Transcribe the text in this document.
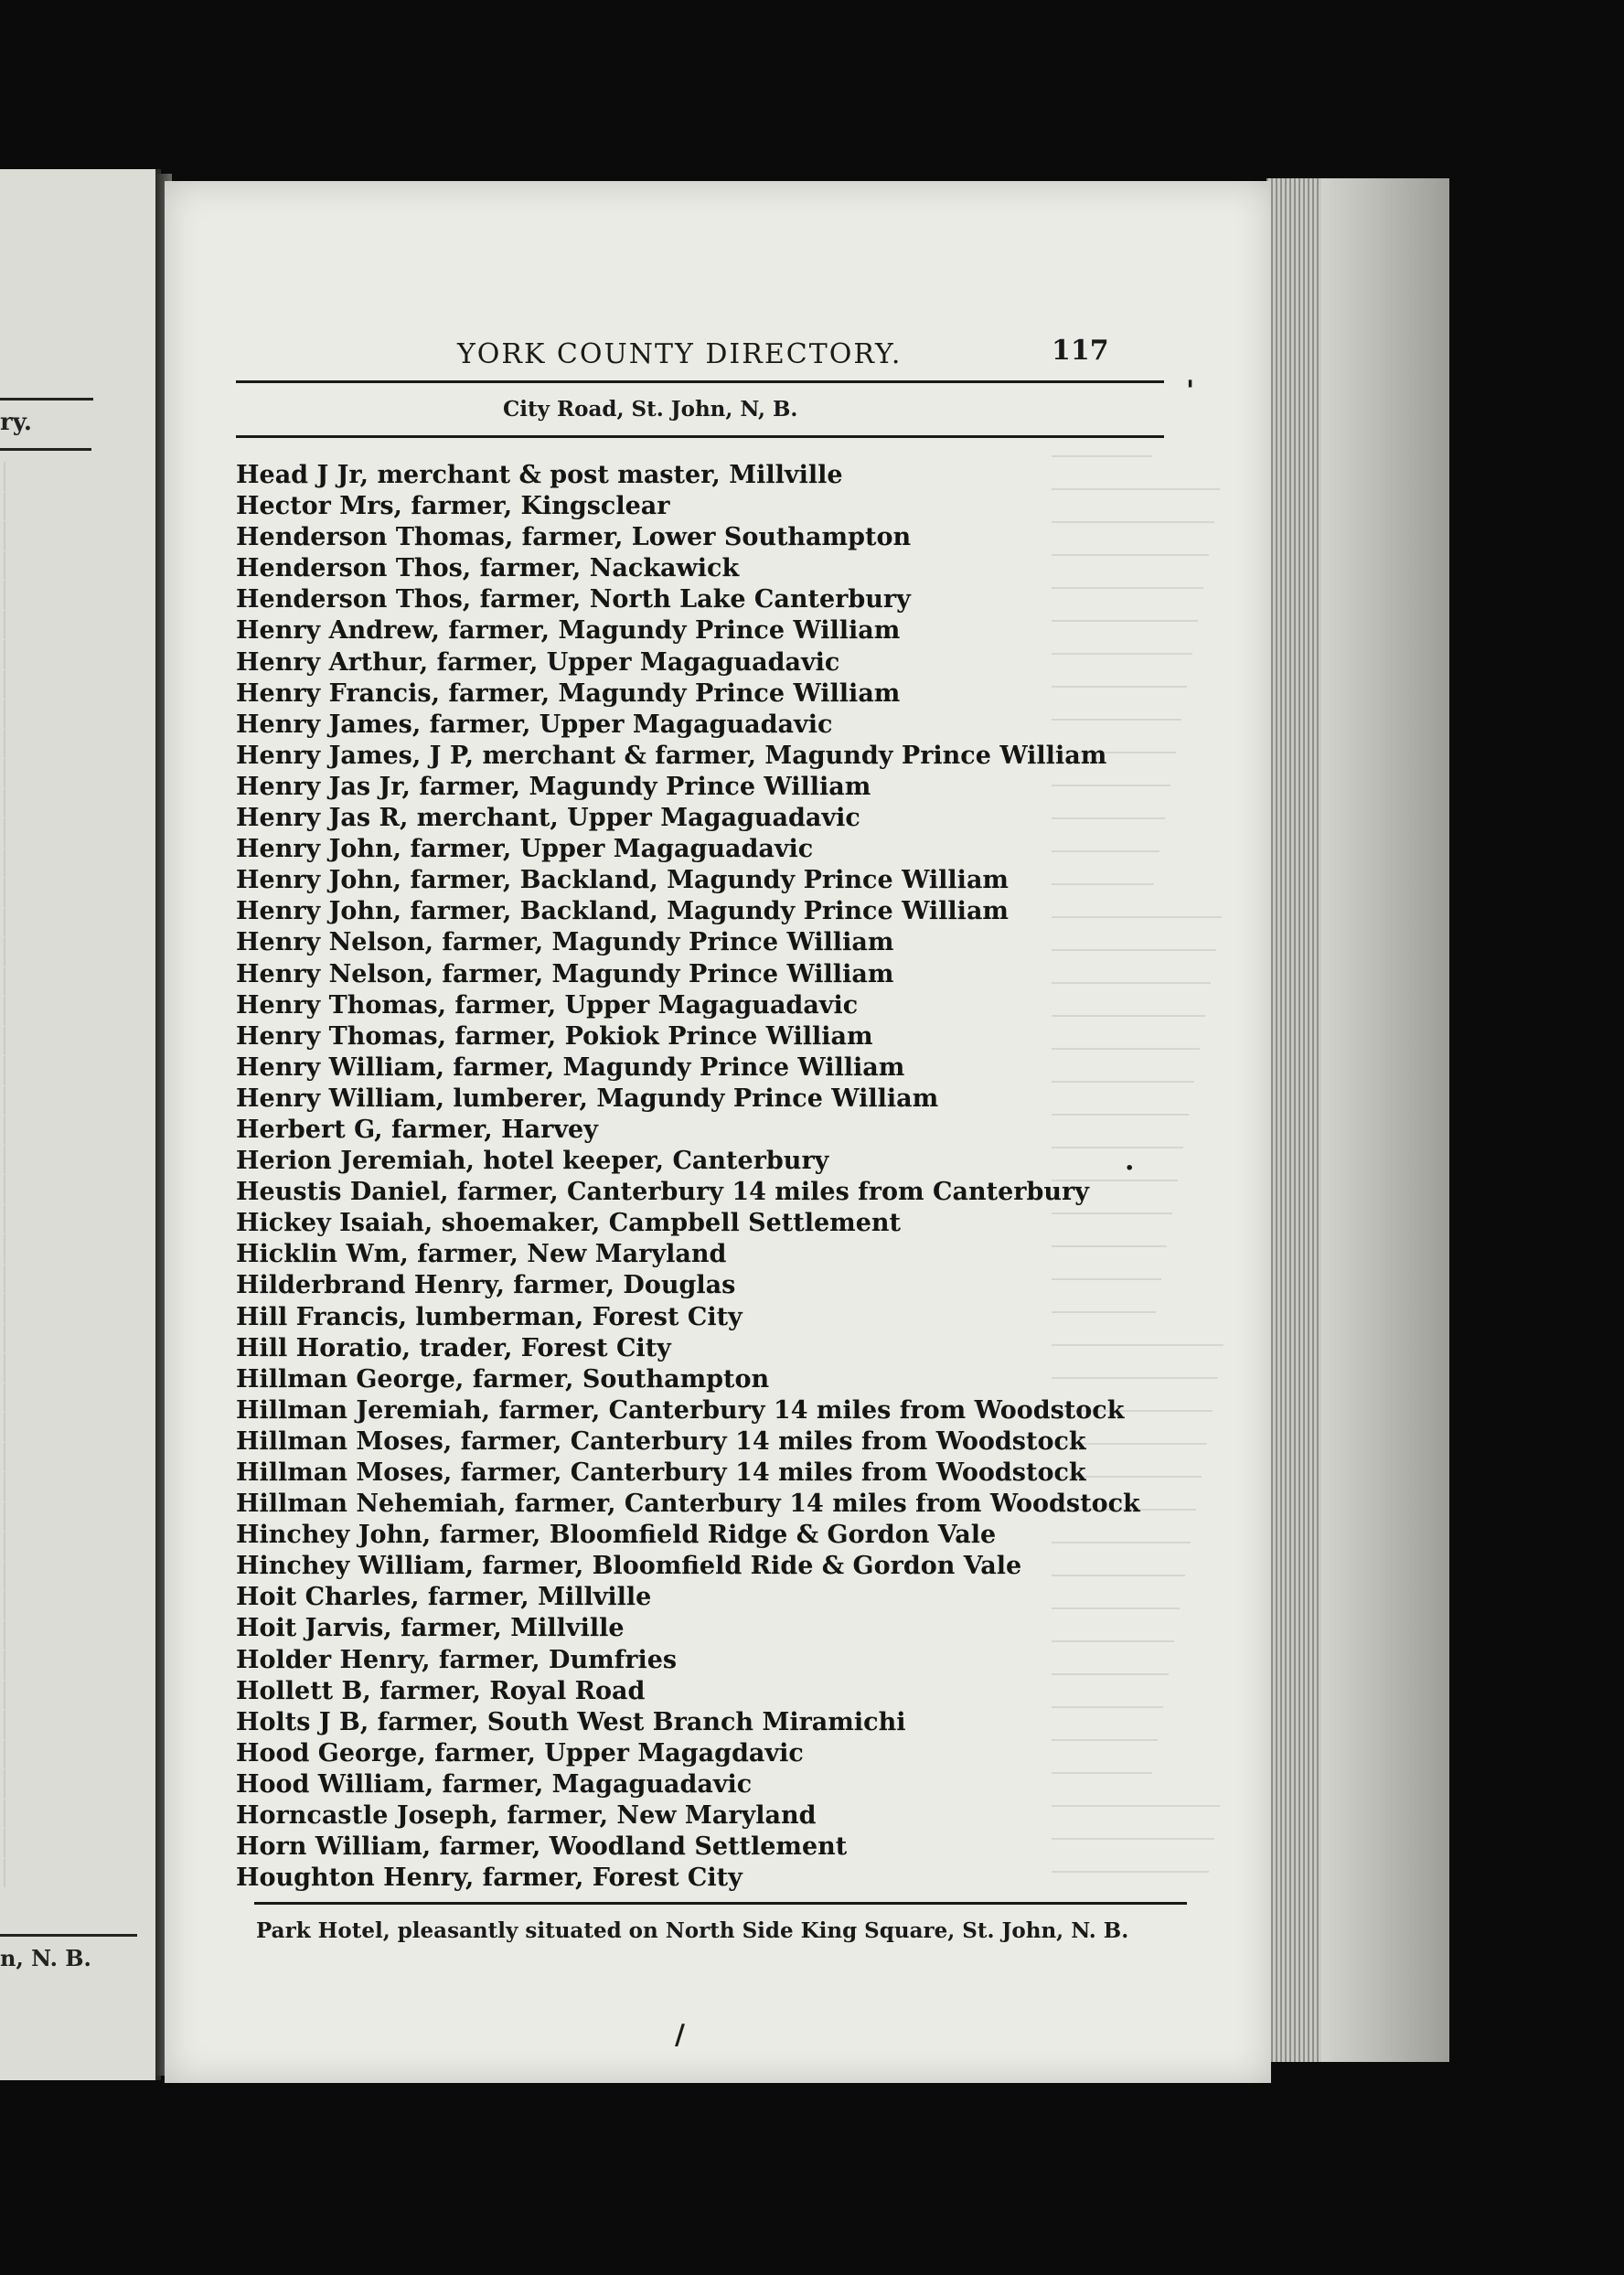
ry.
n, N. B.
YORK COUNTY DIRECTORY.	117
City Road, St. John, N, B.
Head J Jr, merchant & post master, Millville
Hector Mrs, farmer, Kingsclear
Henderson Thomas, farmer, Lower Southampton
Henderson Thos, farmer, Nackawick
Henderson Thos, farmer, North Lake Canterbury
Henry Andrew, farmer, Magundy Prince William
Henry Arthur, farmer, Upper Magaguadavic
Henry Francis, farmer, Magundy Prince William
Henry James, farmer, Upper Magaguadavic
Henry James, J P, merchant & farmer, Magundy Prince William
Henry Jas Jr, farmer, Magundy Prince William
Henry Jas R, merchant, Upper Magaguadavic
Henry John, farmer, Upper Magaguadavic
Henry John, farmer, Backland, Magundy Prince William
Henry John, farmer, Backland, Magundy Prince William
Henry Nelson, farmer, Magundy Prince William
Henry Nelson, farmer, Magundy Prince William
Henry Thomas, farmer, Upper Magaguadavic
Henry Thomas, farmer, Pokiok Prince William
Henry William, farmer, Magundy Prince William
Henry William, lumberer, Magundy Prince William
Herbert G, farmer, Harvey
Herion Jeremiah, hotel keeper, Canterbury
Heustis Daniel, farmer, Canterbury 14 miles from Canterbury
Hickey Isaiah, shoemaker, Campbell Settlement
Hicklin Wm, farmer, New Maryland
Hilderbrand Henry, farmer, Douglas
Hill Francis, lumberman, Forest City
Hill Horatio, trader, Forest City
Hillman George, farmer, Southampton
Hillman Jeremiah, farmer, Canterbury 14 miles from Woodstock
Hillman Moses, farmer, Canterbury 14 miles from Woodstock
Hillman Moses, farmer, Canterbury 14 miles from Woodstock
Hillman Nehemiah, farmer, Canterbury 14 miles from Woodstock
Hinchey John, farmer, Bloomfield Ridge & Gordon Vale
Hinchey William, farmer, Bloomfield Ride & Gordon Vale
Hoit Charles, farmer, Millville
Hoit Jarvis, farmer, Millville
Holder Henry, farmer, Dumfries
Hollett B, farmer, Royal Road
Holts J B, farmer, South West Branch Miramichi
Hood George, farmer, Upper Magagdavic
Hood William, farmer, Magaguadavic
Horncastle Joseph, farmer, New Maryland
Horn William, farmer, Woodland Settlement
Houghton Henry, farmer, Forest City
Park Hotel, pleasantly situated on North Side King Square, St. John, N. B.
'
·
/
